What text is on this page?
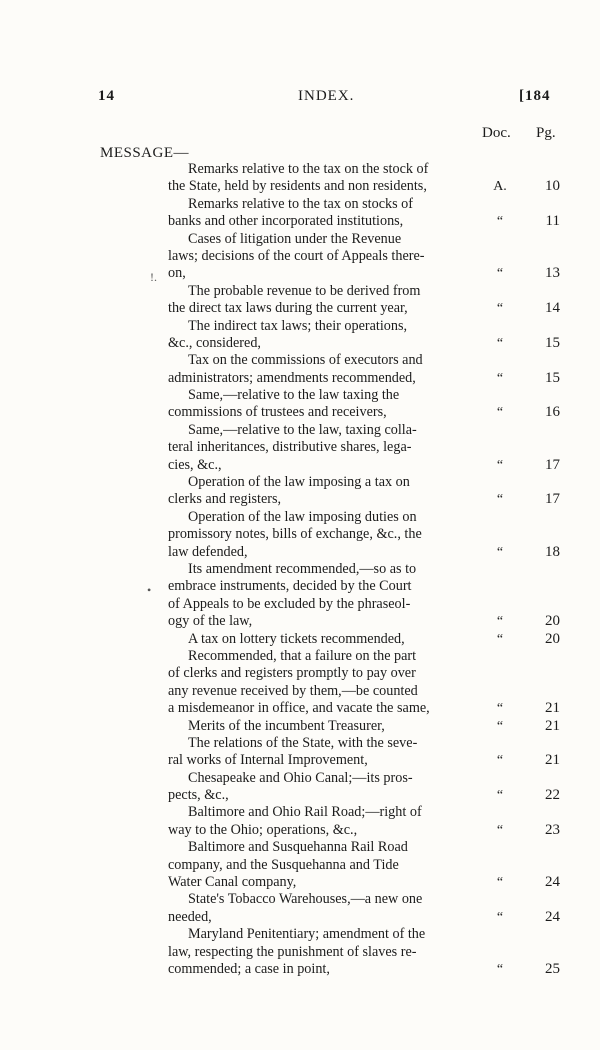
14	INDEX.	[184
Doc. Pg.
MESSAGE—
Remarks relative to the tax on the stock of
the State, held by residents and non residents,	A.	10
Remarks relative to the tax on stocks of
banks and other incorporated institutions,	“	11
Cases of litigation under the Revenue
laws; decisions of the court of Appeals there-
on,	“	13
The probable revenue to be derived from
the direct tax laws during the current year,	“	14
The indirect tax laws; their operations,
&c., considered,	“	15
Tax on the commissions of executors and
administrators; amendments recommended,	“	15
Same,—relative to the law taxing the
commissions of trustees and receivers,	“	16
Same,—relative to the law, taxing colla-
teral inheritances, distributive shares, lega-
cies, &c.,	“	17
Operation of the law imposing a tax on
clerks and registers,	“	17
Operation of the law imposing duties on
promissory notes, bills of exchange, &c., the
law defended,	“	18
Its amendment recommended,—so as to
embrace instruments, decided by the Court
of Appeals to be excluded by the phraseol-
ogy of the law,	“	20
A tax on lottery tickets recommended,	“	20
Recommended, that a failure on the part
of clerks and registers promptly to pay over
any revenue received by them,—be counted
a misdemeanor in office, and vacate the same,	“	21
Merits of the incumbent Treasurer,	“	21
The relations of the State, with the seve-
ral works of Internal Improvement,	“	21
Chesapeake and Ohio Canal;—its pros-
pects, &c.,	“	22
Baltimore and Ohio Rail Road;—right of
way to the Ohio; operations, &c.,	“	23
Baltimore and Susquehanna Rail Road
company, and the Susquehanna and Tide
Water Canal company,	“	24
State's Tobacco Warehouses,—a new one
needed,	“	24
Maryland Penitentiary; amendment of the
law, respecting the punishment of slaves re-
commended; a case in point,	“	25
!.
•
